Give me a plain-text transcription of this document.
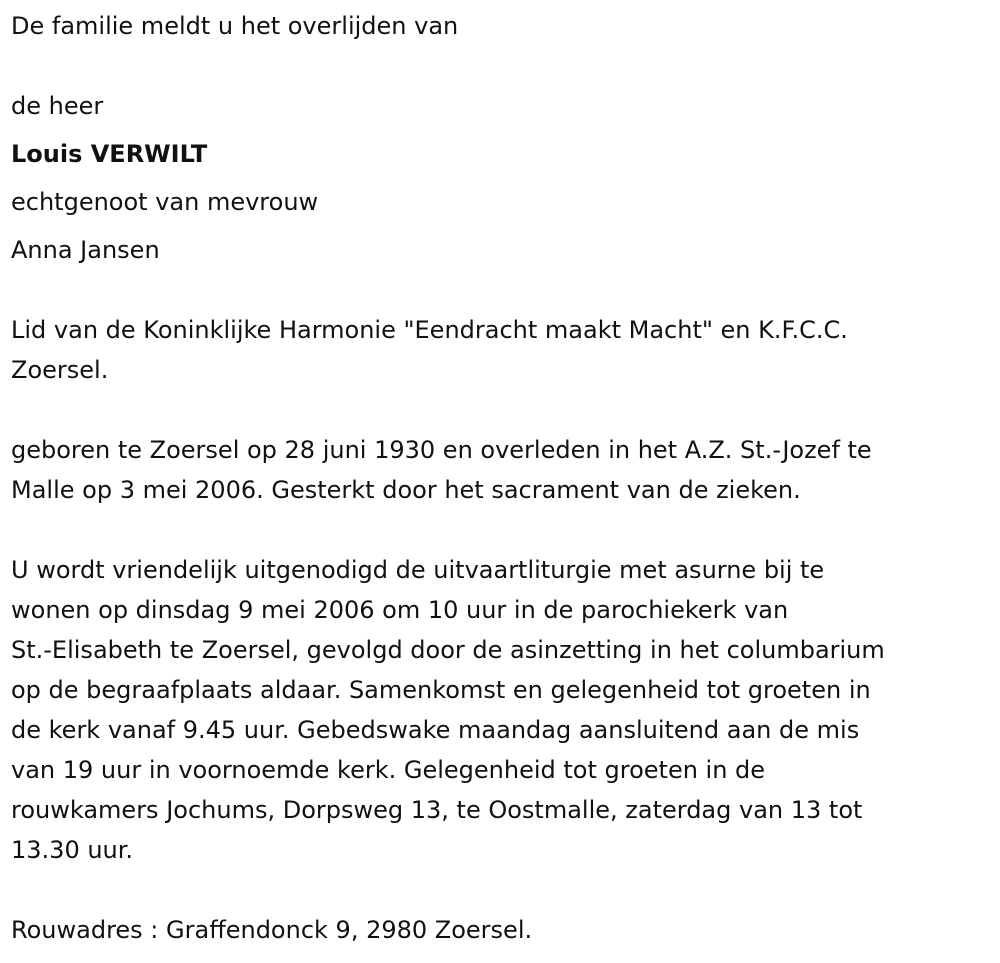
De familie meldt u het overlijden van
de heer
Louis VERWILT
echtgenoot van mevrouw
Anna Jansen
Lid van de Koninklijke Harmonie "Eendracht maakt Macht" en K.F.C.C.
Zoersel.
geboren te Zoersel op 28 juni 1930 en overleden in het A.Z. St.-Jozef te
Malle op 3 mei 2006. Gesterkt door het sacrament van de zieken.
U wordt vriendelijk uitgenodigd de uitvaartliturgie met asurne bij te
wonen op dinsdag 9 mei 2006 om 10 uur in de parochiekerk van
St.-Elisabeth te Zoersel, gevolgd door de asinzetting in het columbarium
op de begraafplaats aldaar. Samenkomst en gelegenheid tot groeten in
de kerk vanaf 9.45 uur. Gebedswake maandag aansluitend aan de mis
van 19 uur in voornoemde kerk. Gelegenheid tot groeten in de
rouwkamers Jochums, Dorpsweg 13, te Oostmalle, zaterdag van 13 tot
13.30 uur.
Rouwadres : Graffendonck 9, 2980 Zoersel.
